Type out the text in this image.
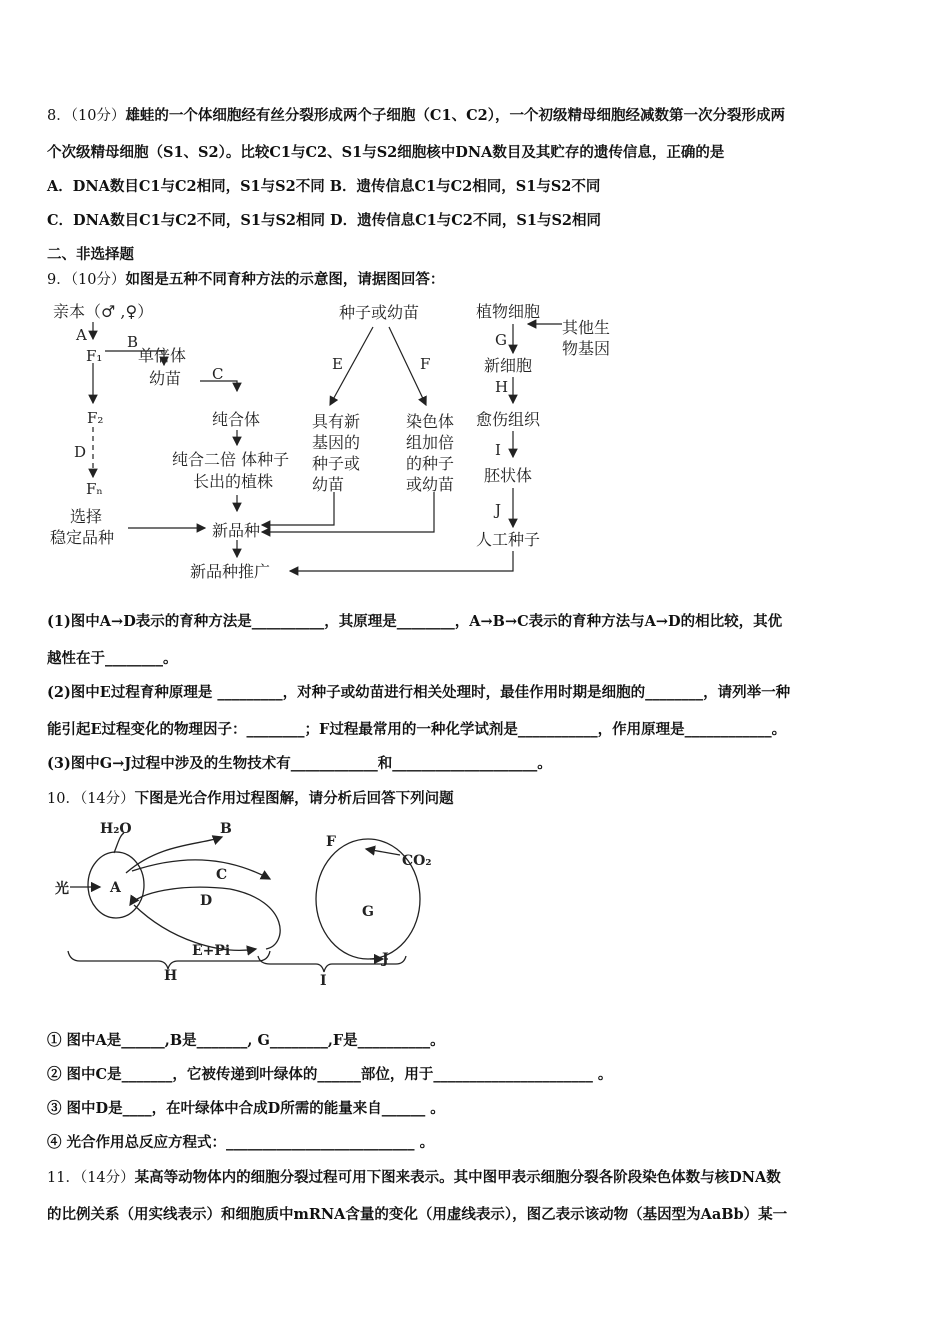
8．（10分）雄蛙的一个体细胞经有丝分裂形成两个子细胞（C1、C2），一个初级精母细胞经减数第一次分裂形成两
个次级精母细胞（S1、S2）。比较C1与C2、S1与S2细胞核中DNA数目及其贮存的遗传信息，正确的是
A．DNA数目C1与C2相同，S1与S2不同 B．遗传信息C1与C2相同，S1与S2不同
C．DNA数目C1与C2不同，S1与S2相同 D．遗传信息C1与C2不同，S1与S2相同
二、非选择题
9．（10分）如图是五种不同育种方法的示意图，请据图回答：
亲本（♂ ,♀）
A
F₁
B
单倍体
幼苗 C
纯合体
纯合二倍 体种子
长出的植株
F₂
D
Fₙ
选择
稳定品种	新品种
新品种推广
种子或幼苗
E	F
具有新
基因的
种子或
幼苗
染色体
组加倍
的种子
或幼苗
植物细胞
其他生
物基因
G
新细胞
H
愈伤组织
I
胚状体
J
人工种子
(1)图中A→D表示的育种方法是__________，其原理是________，A→B→C表示的育种方法与A→D的相比较，其优
越性在于________。
(2)图中E过程育种原理是 _________，对种子或幼苗进行相关处理时，最佳作用时期是细胞的________，请列举一种
能引起E过程变化的物理因子：________；F过程最常用的一种化学试剂是___________，作用原理是____________。
(3)图中G→J过程中涉及的生物技术有____________和____________________。
10．（14分）下图是光合作用过程图解，请分析后回答下列问题
H₂O	B
光	A
C
D
E+Pi
H
F
CO₂
G
J
I
① 图中A是______,B是_______, G________,F是__________。
② 图中C是_______，它被传递到叶绿体的______部位，用于______________________ 。
③ 图中D是____，在叶绿体中合成D所需的能量来自______ 。
④ 光合作用总反应方程式：__________________________ 。
11．（14分）某高等动物体内的细胞分裂过程可用下图来表示。其中图甲表示细胞分裂各阶段染色体数与核DNA数
的比例关系（用实线表示）和细胞质中mRNA含量的变化（用虚线表示），图乙表示该动物（基因型为AaBb）某一
